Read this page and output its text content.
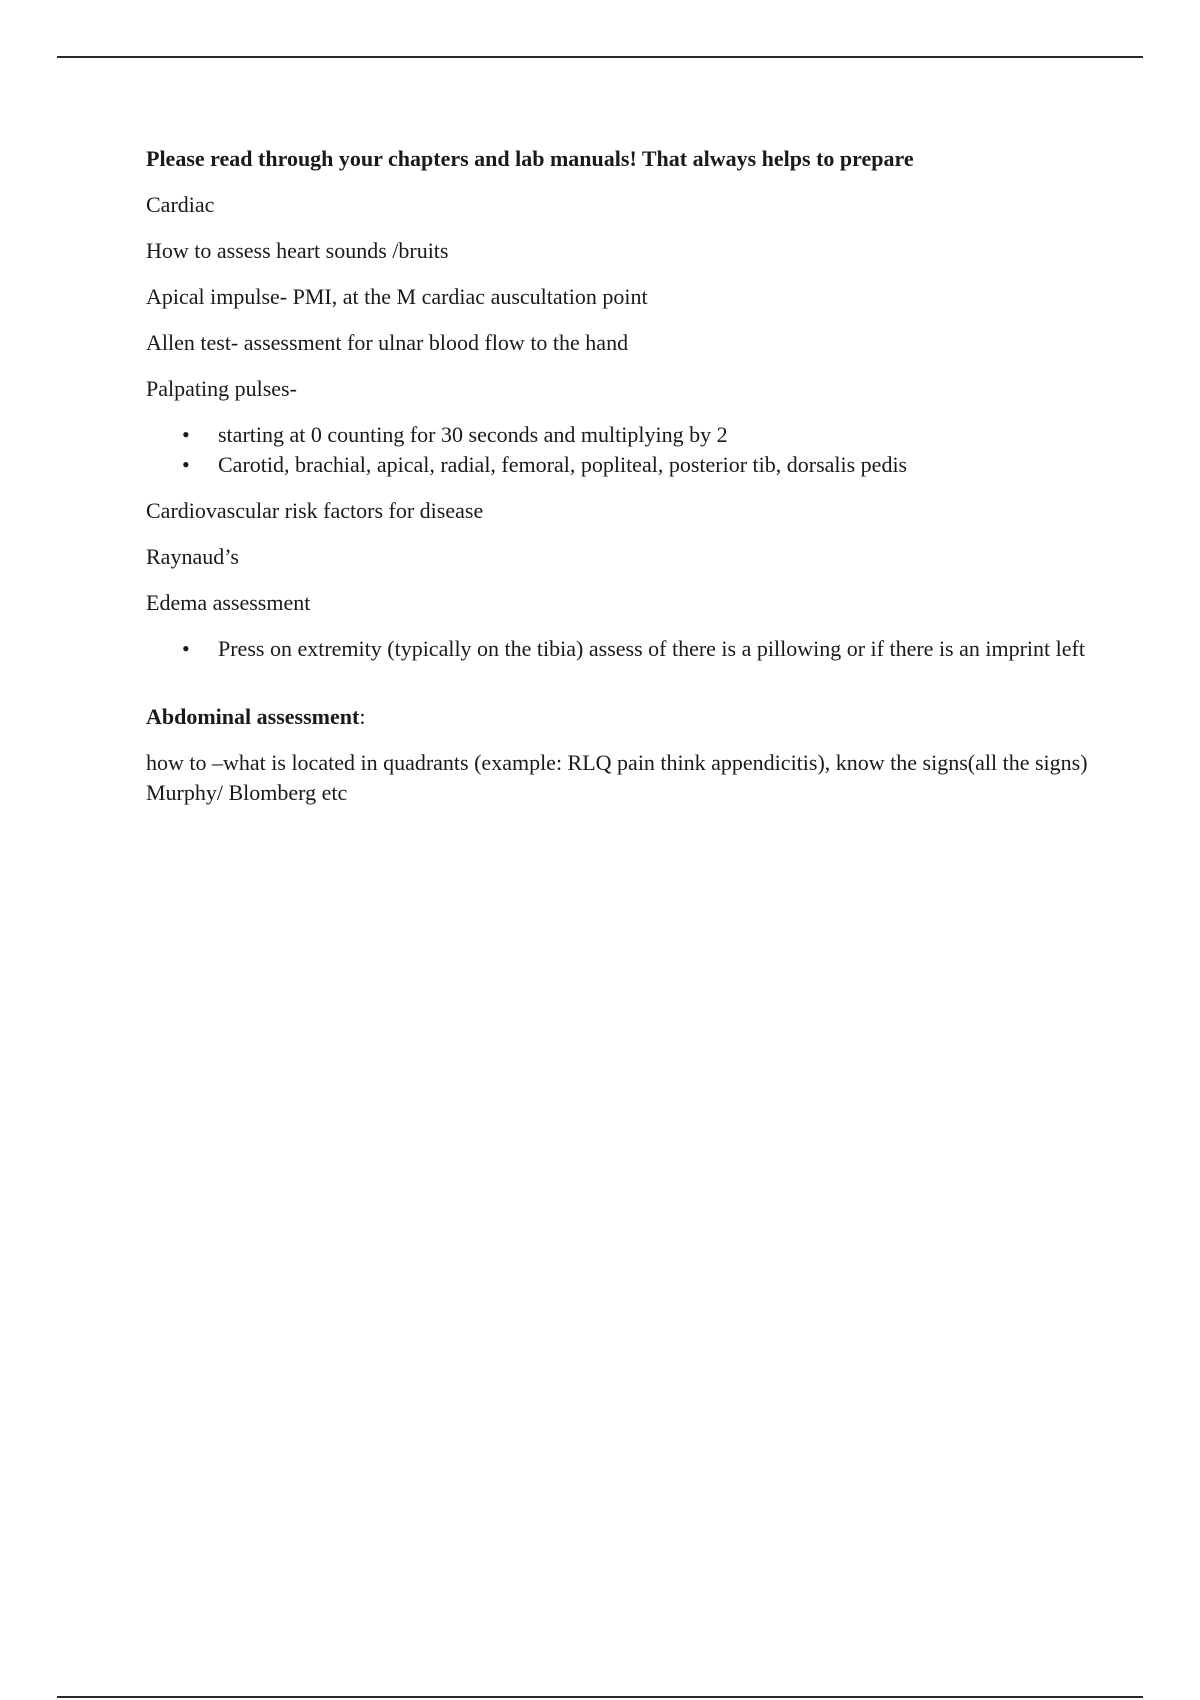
Please read through your chapters and lab manuals! That always helps to prepare

Cardiac

How to assess heart sounds /bruits

Apical impulse- PMI, at the M cardiac auscultation point

Allen test- assessment for ulnar blood flow to the hand

Palpating pulses-

• starting at 0 counting for 30 seconds and multiplying by 2
• Carotid, brachial, apical, radial, femoral, popliteal, posterior tib, dorsalis pedis

Cardiovascular risk factors for disease

Raynaud’s

Edema assessment

• Press on extremity (typically on the tibia) assess of there is a pillowing or if there is an imprint left

Abdominal assessment:

how to –what is located in quadrants (example: RLQ pain think appendicitis), know the signs(all the signs) Murphy/ Blomberg etc
